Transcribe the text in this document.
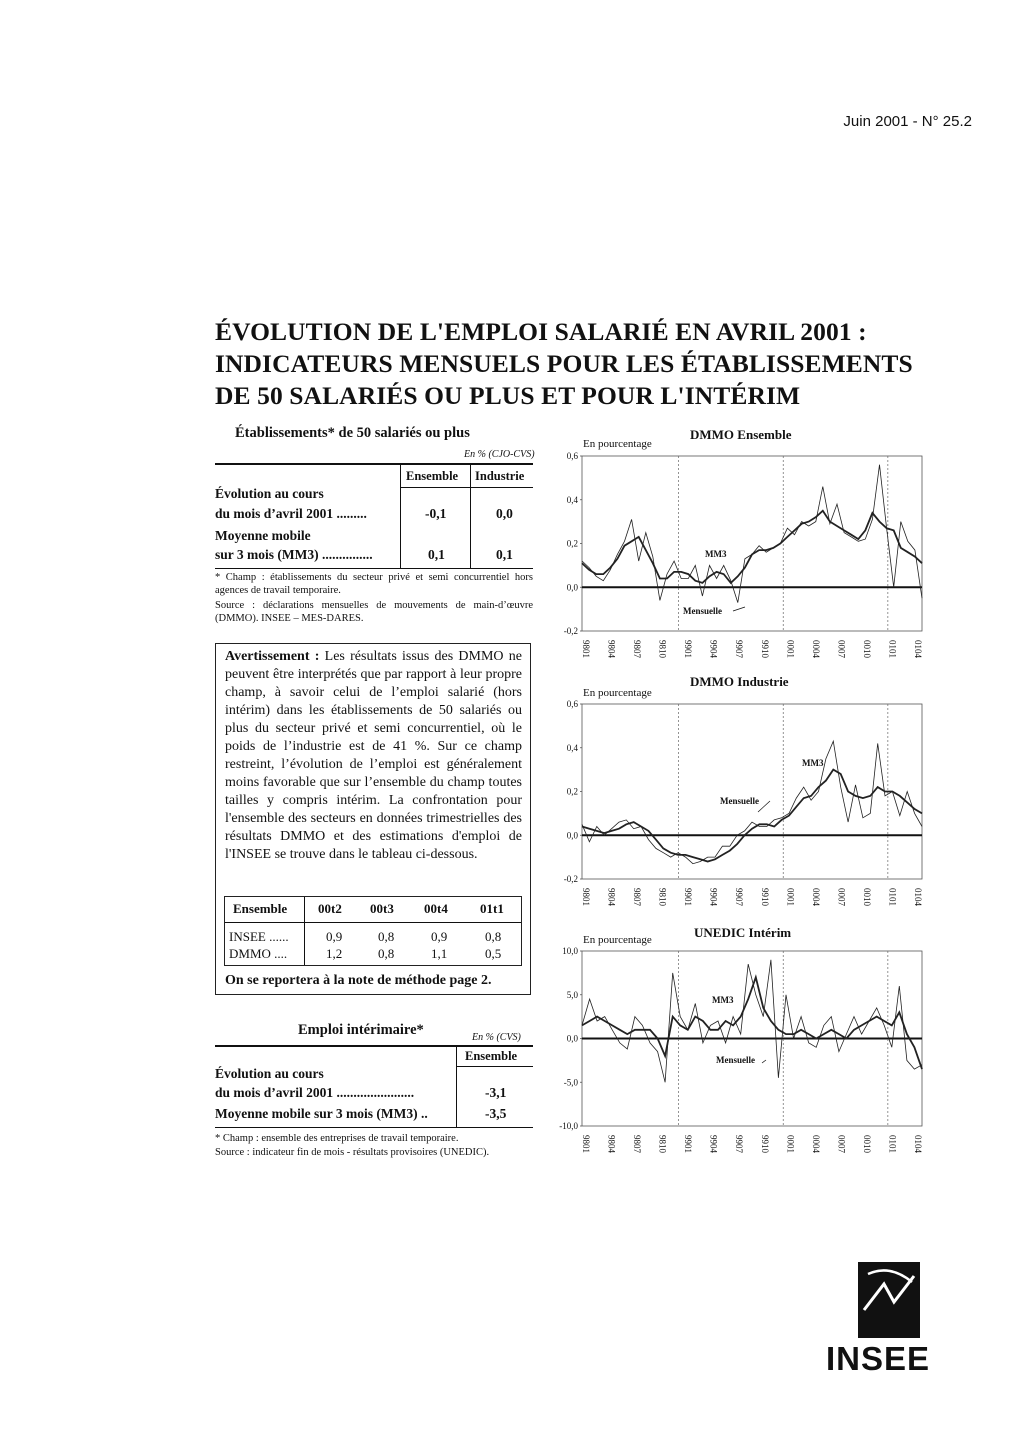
Juin 2001 - N° 25.2
ÉVOLUTION DE L'EMPLOI SALARIÉ EN AVRIL 2001 :
INDICATEURS MENSUELS POUR LES ÉTABLISSEMENTS
DE 50 SALARIÉS OU PLUS ET POUR L'INTÉRIM
Établissements* de 50 salariés ou plus
En % (CJO-CVS)
Ensemble Industrie
Évolution au cours
du mois d’avril 2001 .........	-0,1	0,0
Moyenne mobile
sur 3 mois (MM3) ...............	0,1	0,1
* Champ : établissements du secteur privé et semi concurrentiel hors agences de travail temporaire.
Source : déclarations mensuelles de mouvements de main-d’œuvre (DMMO). INSEE – MES-DARES.
Avertissement : Les résultats issus des DMMO ne peuvent être interprétés que par rapport à leur propre champ, à savoir celui de l’emploi salarié (hors intérim) dans les établissements de 50 salariés ou plus du secteur privé et semi concurrentiel, où le poids de l’industrie est de 41 %. Sur ce champ restreint, l’évolution de l’emploi est généralement moins favorable que sur l’ensemble du champ toutes tailles y compris intérim. La confrontation pour l'ensemble des secteurs en données trimestrielles des résultats DMMO et des estimations d'emploi de l'INSEE se trouve dans le tableau ci-dessous.
Ensemble 00t2 00t3 00t4 01t1
INSEE ......	0,9	0,8	0,9	0,8
DMMO ....	1,2	0,8	1,1	0,5
On se reportera à la note de méthode page 2.
Emploi intérimaire*	En % (CVS)
Ensemble
Évolution au cours
du mois d’avril 2001 .......................	-3,1
Moyenne mobile sur 3 mois (MM3) ..	-3,5
* Champ : ensemble des entreprises de travail temporaire.
Source : indicateur fin de mois - résultats provisoires (UNEDIC).
DMMO Ensemble
En pourcentage
0,6
0,4
0,2
0,0
-0,2
9801 9804 9807 9810 9901 9904 9907 9910 0001 0004 0007 0010 0101 0104
MM3
Mensuelle
DMMO Industrie
En pourcentage
0,6
0,4
0,2
0,0
-0,2
9801 9804 9807 9810 9901 9904 9907 9910 0001 0004 0007 0010 0101 0104
MM3
Mensuelle
UNEDIC Intérim
En pourcentage
10,0
5,0
0,0
-5,0
-10,0
9801 9804 9807 9810 9901 9904 9907 9910 0001 0004 0007 0010 0101 0104
MM3
Mensuelle
INSEE
